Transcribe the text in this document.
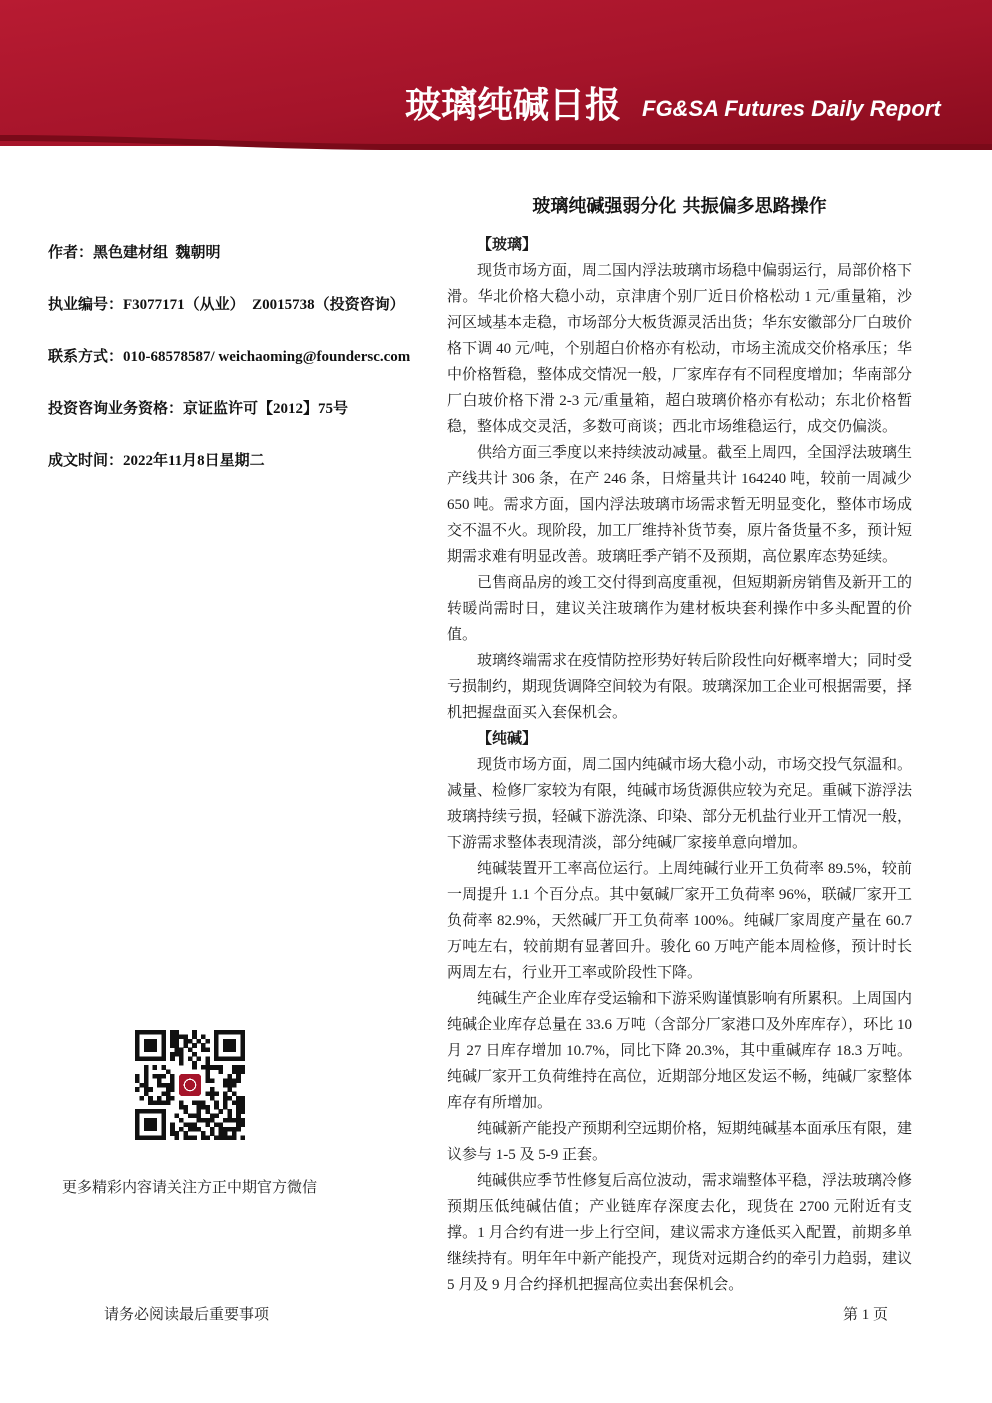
玻璃纯碱日报 FG&SA Futures Daily Report
玻璃纯碱强弱分化 共振偏多思路操作
作者：黑色建材组  魏朝明
执业编号：F3077171（从业）  Z0015738（投资咨询）
联系方式：010-68578587/ weichaoming@foundersc.com
投资咨询业务资格：京证监许可【2012】75号
成文时间：2022年11月8日星期二
更多精彩内容请关注方正中期官方微信
【玻璃】

现货市场方面，周二国内浮法玻璃市场稳中偏弱运行，局部价格下滑。华北价格大稳小动，京津唐个别厂近日价格松动 1 元/重量箱，沙河区域基本走稳，市场部分大板货源灵活出货；华东安徽部分厂白玻价格下调 40 元/吨，个别超白价格亦有松动，市场主流成交价格承压；华中价格暂稳，整体成交情况一般，厂家库存有不同程度增加；华南部分厂白玻价格下滑 2-3 元/重量箱，超白玻璃价格亦有松动；东北价格暂稳，整体成交灵活，多数可商谈；西北市场维稳运行，成交仍偏淡。

供给方面三季度以来持续波动减量。截至上周四，全国浮法玻璃生产线共计 306 条，在产 246 条，日熔量共计 164240 吨，较前一周减少 650 吨。需求方面，国内浮法玻璃市场需求暂无明显变化，整体市场成交不温不火。现阶段，加工厂维持补货节奏，原片备货量不多，预计短期需求难有明显改善。玻璃旺季产销不及预期，高位累库态势延续。

已售商品房的竣工交付得到高度重视，但短期新房销售及新开工的转暖尚需时日，建议关注玻璃作为建材板块套利操作中多头配置的价值。

玻璃终端需求在疫情防控形势好转后阶段性向好概率增大；同时受亏损制约，期现货调降空间较为有限。玻璃深加工企业可根据需要，择机把握盘面买入套保机会。

【纯碱】

现货市场方面，周二国内纯碱市场大稳小动，市场交投气氛温和。减量、检修厂家较为有限，纯碱市场货源供应较为充足。重碱下游浮法玻璃持续亏损，轻碱下游洗涤、印染、部分无机盐行业开工情况一般，下游需求整体表现清淡，部分纯碱厂家接单意向增加。

纯碱装置开工率高位运行。上周纯碱行业开工负荷率 89.5%，较前一周提升 1.1 个百分点。其中氨碱厂家开工负荷率 96%，联碱厂家开工负荷率 82.9%，天然碱厂开工负荷率 100%。纯碱厂家周度产量在 60.7 万吨左右，较前期有显著回升。骏化 60 万吨产能本周检修，预计时长两周左右，行业开工率或阶段性下降。

纯碱生产企业库存受运输和下游采购谨慎影响有所累积。上周国内纯碱企业库存总量在 33.6 万吨（含部分厂家港口及外库库存），环比 10 月 27 日库存增加 10.7%，同比下降 20.3%，其中重碱库存 18.3 万吨。纯碱厂家开工负荷维持在高位，近期部分地区发运不畅，纯碱厂家整体库存有所增加。

纯碱新产能投产预期利空远期价格，短期纯碱基本面承压有限，建议参与 1-5 及 5-9 正套。

纯碱供应季节性修复后高位波动，需求端整体平稳，浮法玻璃冷修预期压低纯碱估值；产业链库存深度去化，现货在 2700 元附近有支撑。1 月合约有进一步上行空间，建议需求方逢低买入配置，前期多单继续持有。明年年中新产能投产，现货对远期合约的牵引力趋弱，建议 5 月及 9 月合约择机把握高位卖出套保机会。

请务必阅读最后重要事项	第 1 页
